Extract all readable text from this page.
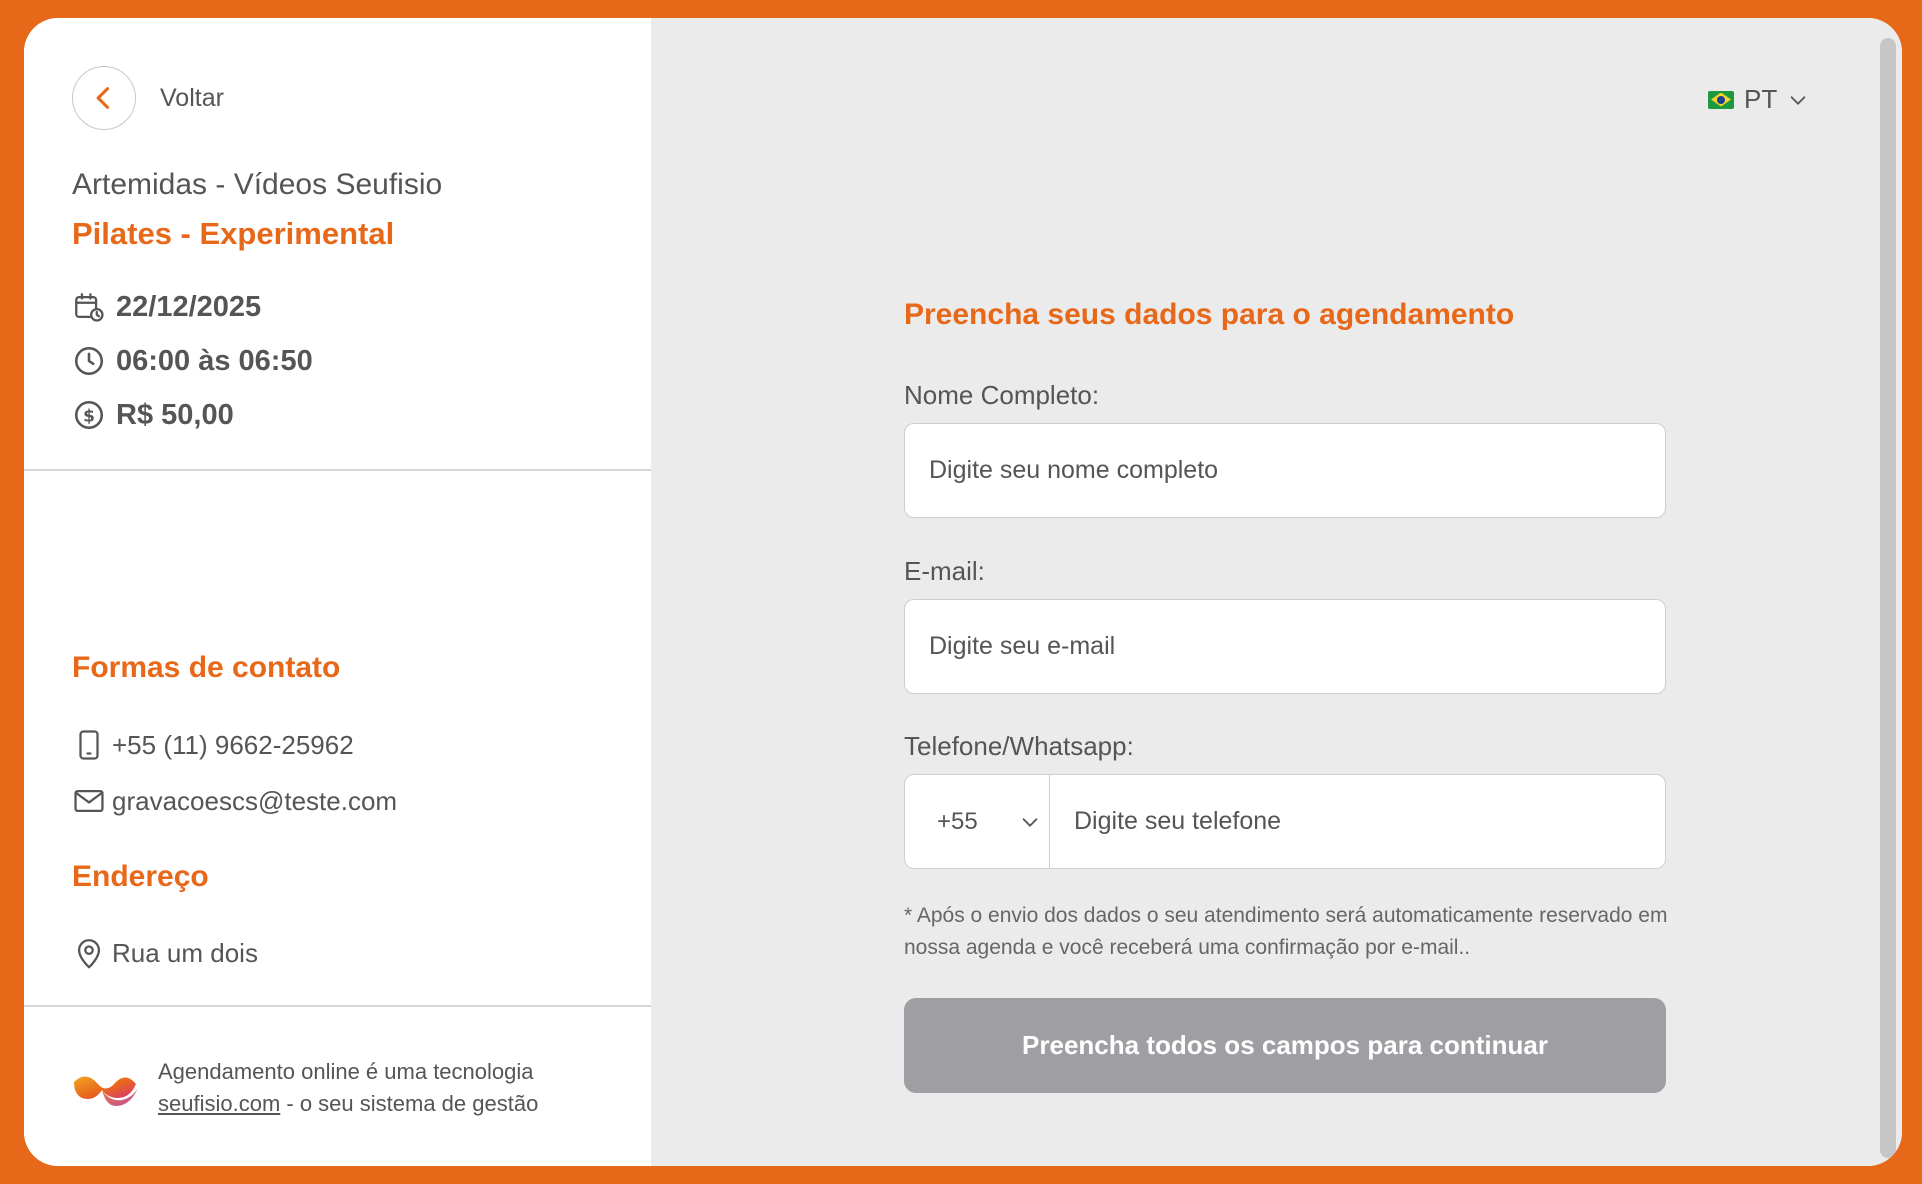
Voltar
Artemidas - Vídeos Seufisio
Pilates - Experimental
22/12/2025
06:00 às 06:50
$ R$ 50,00
Formas de contato
+55 (11) 9662-25962
gravacoescs@teste.com
Endereço
Rua um dois
Agendamento online é uma tecnologia
seufisio.com - o seu sistema de gestão
PT
Preencha seus dados para o agendamento
Nome Completo:
Digite seu nome completo
E-mail:
Digite seu e-mail
Telefone/Whatsapp:
+55
Digite seu telefone
* Após o envio dos dados o seu atendimento será automaticamente reservado em nossa agenda e você receberá uma confirmação por e-mail..
Preencha todos os campos para continuar
